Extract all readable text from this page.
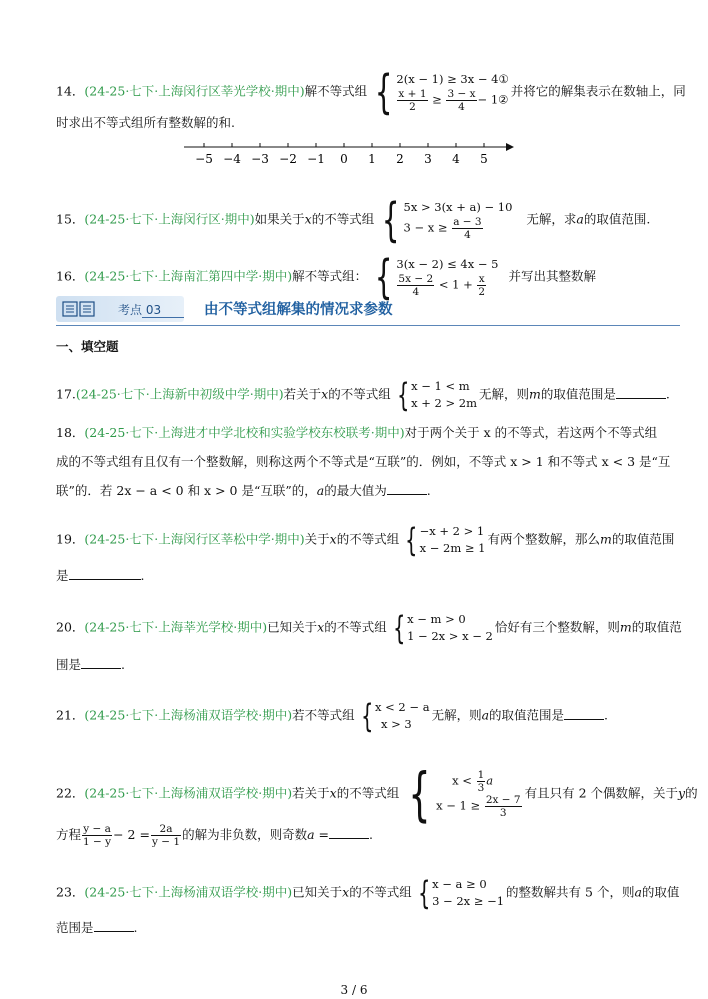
14．(24-25·七下·上海闵行区莘光学校·期中)解不等式组 { 2(x − 1) ≥ 3x − 4①
$\frac{x + 1}{2} \ge \frac{3 - x}{4}$ − 1②
并将它的解集表示在数轴上，同
时求出不等式组所有整数解的和.
−5 −4 −3 −2 −1 0 1 2 3 4 5
15．(24-25·七下·上海闵行区·期中)如果关于x的不等式组 { 5x > 3(x + a) − 10
$3 - x \ge \frac{a - 3}{4}$	无解，求a的取值范围.
16．(24-25·七下·上海南汇第四中学·期中)解不等式组： { 3(x − 2) ≤ 4x − 5
$\frac{5x - 2}{4} < 1 + \frac{x}{2}$ 并写出其整数解
考点 03	由不等式组解集的情况求参数
一、填空题
17.(24-25·七下·上海新中初级中学·期中)若关于x的不等式组 { x − 1 < m
x + 2 > 2m
无解，则m的取值范围是	.
18．(24-25·七下·上海进才中学北校和实验学校东校联考·期中)对于两个关于 x 的不等式，若这两个不等式组
成的不等式组有且仅有一个整数解，则称这两个不等式是“互联”的．例如，不等式 x > 1 和不等式 x < 3 是“互
联”的．若 2x − a < 0 和 x > 0 是“互联”的，a的最大值为	.
19．(24-25·七下·上海闵行区莘松中学·期中)关于x的不等式组 { −x + 2 > 1
x − 2m ≥ 1
有两个整数解，那么m的取值范围
是	.
20．(24-25·七下·上海莘光学校·期中)已知关于x的不等式组 { x − m > 0
1 − 2x > x − 2
恰好有三个整数解，则m的取值范
围是	.
21．(24-25·七下·上海杨浦双语学校·期中)若不等式组 { x < 2 − a
x > 3
无解，则a的取值范围是	.
22．(24-25·七下·上海杨浦双语学校·期中)若关于x的不等式组 {	$x < \frac{1}{3}$ a
$x - 1 \ge \frac{2x - 7}{3}$
有且只有 2 个偶数解，关于y的
方程 $\frac{y - a}{1 - y} - 2 = \frac{2a}{y - 1}$ 的解为非负数，则奇数a =	.
23．(24-25·七下·上海杨浦双语学校·期中)已知关于x的不等式组 { x − a ≥ 0
3 − 2x ≥ −1
的整数解共有 5 个，则a的取值
范围是	.
3 / 6
